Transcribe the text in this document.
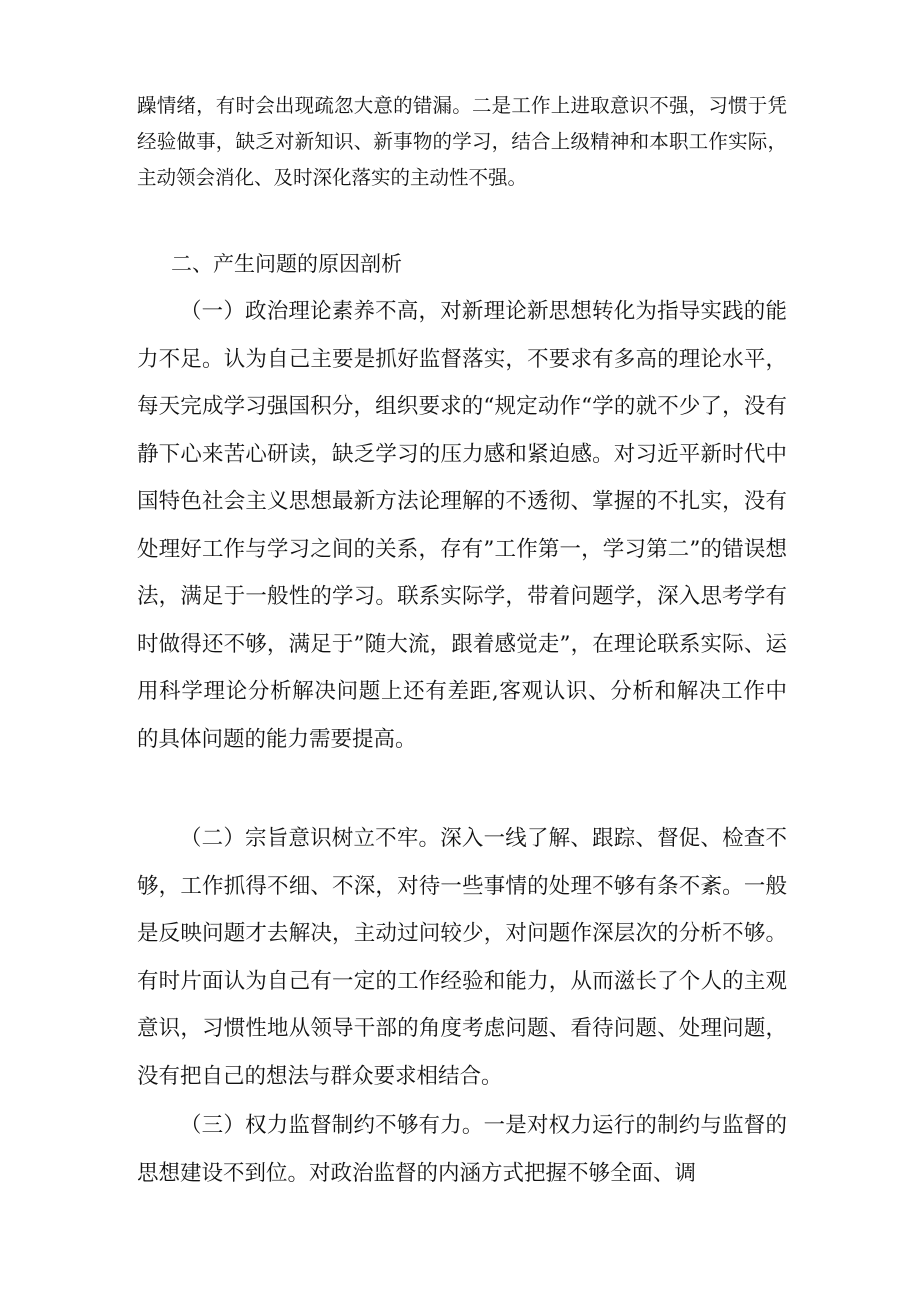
躁情绪，有时会出现疏忽大意的错漏。二是工作上进取意识不强，习惯于凭经验做事，缺乏对新知识、新事物的学习，结合上级精神和本职工作实际，主动领会消化、及时深化落实的主动性不强。

二、产生问题的原因剖析

（一）政治理论素养不高，对新理论新思想转化为指导实践的能力不足。认为自己主要是抓好监督落实，不要求有多高的理论水平，每天完成学习强国积分，组织要求的“规定动作“学的就不少了，没有静下心来苦心研读，缺乏学习的压力感和紧迫感。对习近平新时代中国特色社会主义思想最新方法论理解的不透彻、掌握的不扎实，没有处理好工作与学习之间的关系，存有”工作第一，学习第二”的错误想法，满足于一般性的学习。联系实际学，带着问题学，深入思考学有时做得还不够，满足于”随大流，跟着感觉走”，在理论联系实际、运用科学理论分析解决问题上还有差距,客观认识、分析和解决工作中的具体问题的能力需要提高。

（二）宗旨意识树立不牢。深入一线了解、跟踪、督促、检查不够，工作抓得不细、不深，对待一些事情的处理不够有条不紊。一般是反映问题才去解决，主动过问较少，对问题作深层次的分析不够。有时片面认为自己有一定的工作经验和能力，从而滋长了个人的主观意识，习惯性地从领导干部的角度考虑问题、看待问题、处理问题，没有把自己的想法与群众要求相结合。

（三）权力监督制约不够有力。一是对权力运行的制约与监督的思想建设不到位。对政治监督的内涵方式把握不够全面、调
